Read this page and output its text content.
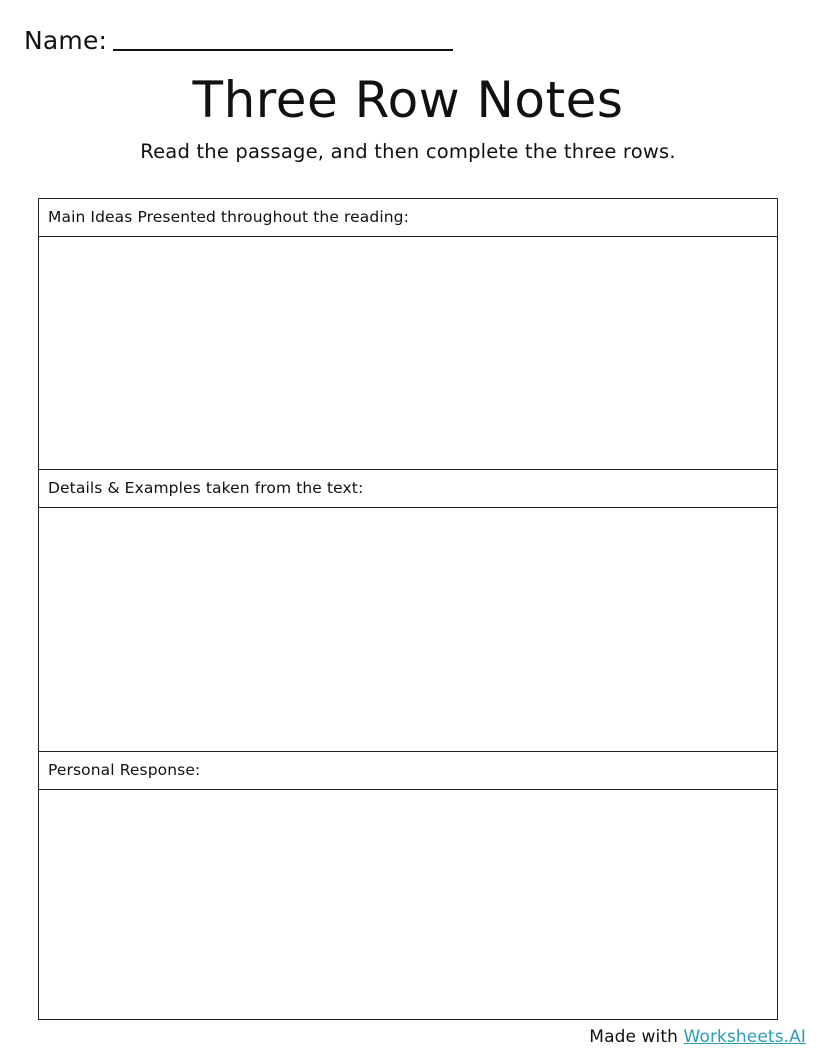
Name:
Three Row Notes
Read the passage, and then complete the three rows.
Main Ideas Presented throughout the reading:
Details & Examples taken from the text:
Personal Response:
Made with Worksheets.AI
